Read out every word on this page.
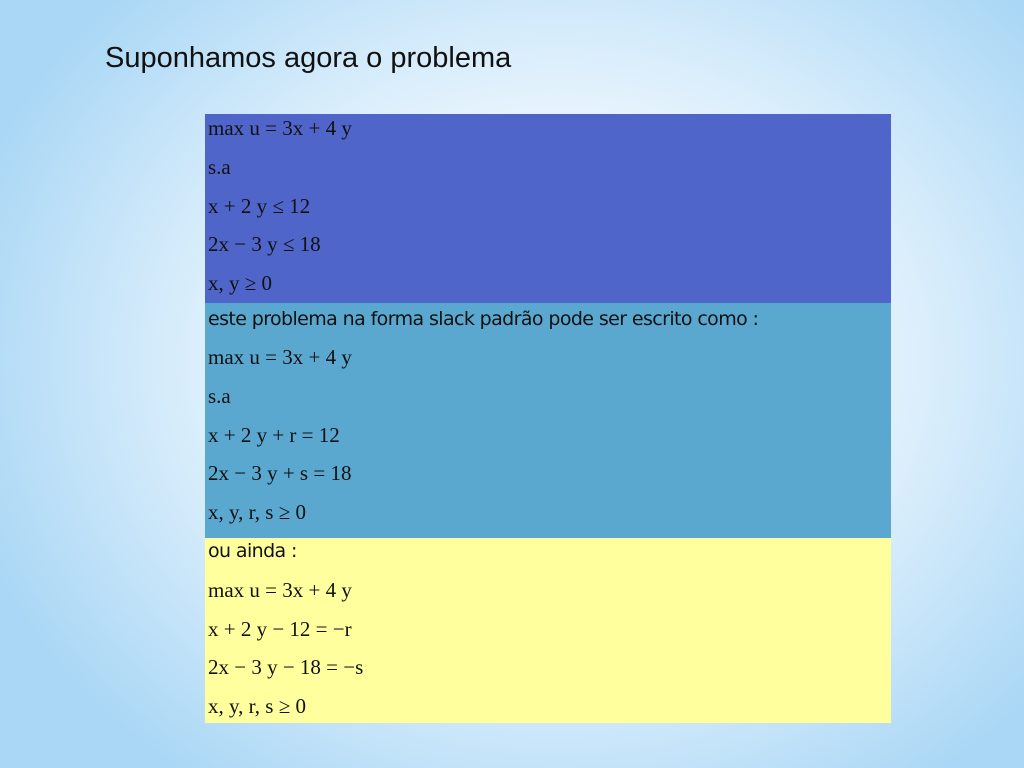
Suponhamos agora o problema
max u = 3x + 4 y
s.a
x + 2 y ≤ 12
2x − 3 y ≤ 18
x, y ≥ 0
este problema na forma slack padrão pode ser escrito como :
max u = 3x + 4 y
s.a
x + 2 y + r = 12
2x − 3 y + s = 18
x, y, r, s ≥ 0
ou ainda :
max u = 3x + 4 y
x + 2 y − 12 = −r
2x − 3 y − 18 = −s
x, y, r, s ≥ 0
